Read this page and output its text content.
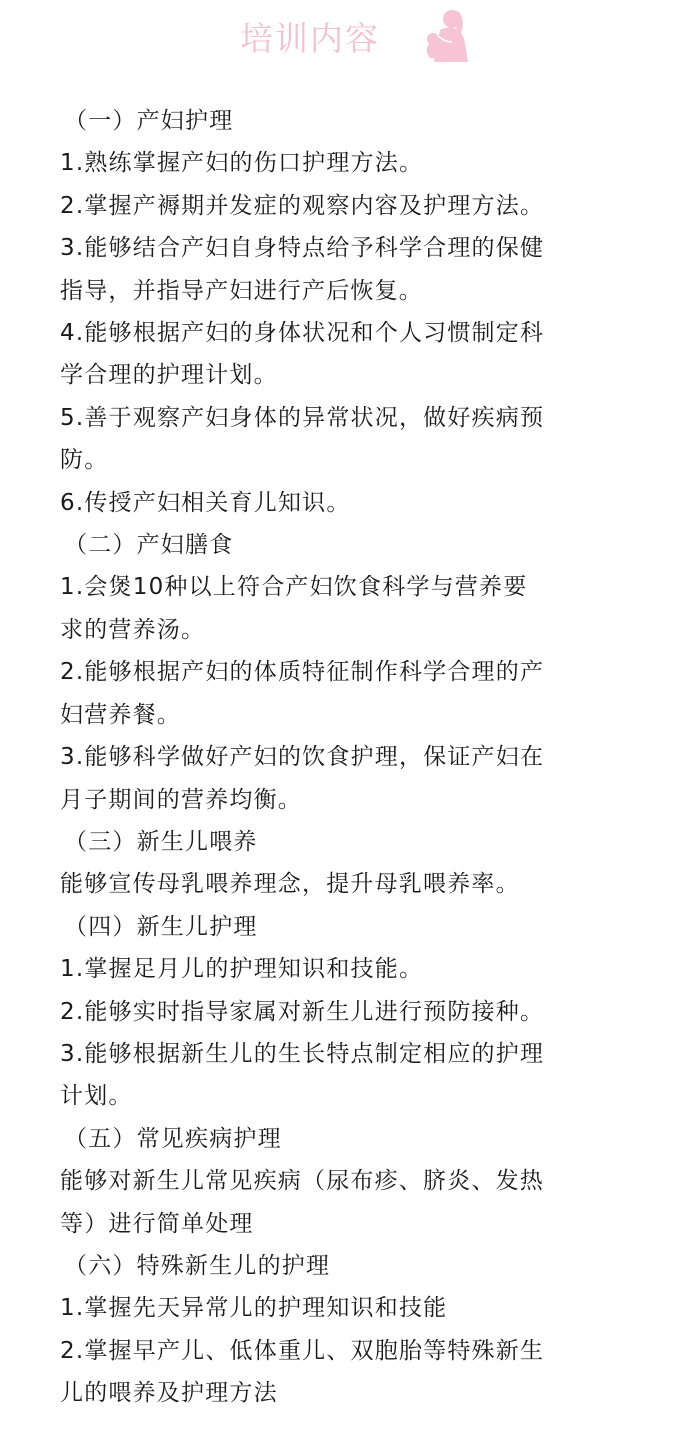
培训内容

（一）产妇护理

1.熟练掌握产妇的伤口护理方法。

2.掌握产褥期并发症的观察内容及护理方法。

3.能够结合产妇自身特点给予科学合理的保健

指导，并指导产妇进行产后恢复。

4.能够根据产妇的身体状况和个人习惯制定科

学合理的护理计划。

5.善于观察产妇身体的异常状况，做好疾病预

防。

6.传授产妇相关育儿知识。

（二）产妇膳食

1.会煲10种以上符合产妇饮食科学与营养要

求的营养汤。

2.能够根据产妇的体质特征制作科学合理的产

妇营养餐。

3.能够科学做好产妇的饮食护理，保证产妇在

月子期间的营养均衡。

（三）新生儿喂养

能够宣传母乳喂养理念，提升母乳喂养率。

（四）新生儿护理

1.掌握足月儿的护理知识和技能。

2.能够实时指导家属对新生儿进行预防接种。

3.能够根据新生儿的生长特点制定相应的护理

计划。

（五）常见疾病护理

能够对新生儿常见疾病（尿布疹、脐炎、发热

等）进行简单处理

（六）特殊新生儿的护理

1.掌握先天异常儿的护理知识和技能

2.掌握早产儿、低体重儿、双胞胎等特殊新生

儿的喂养及护理方法
